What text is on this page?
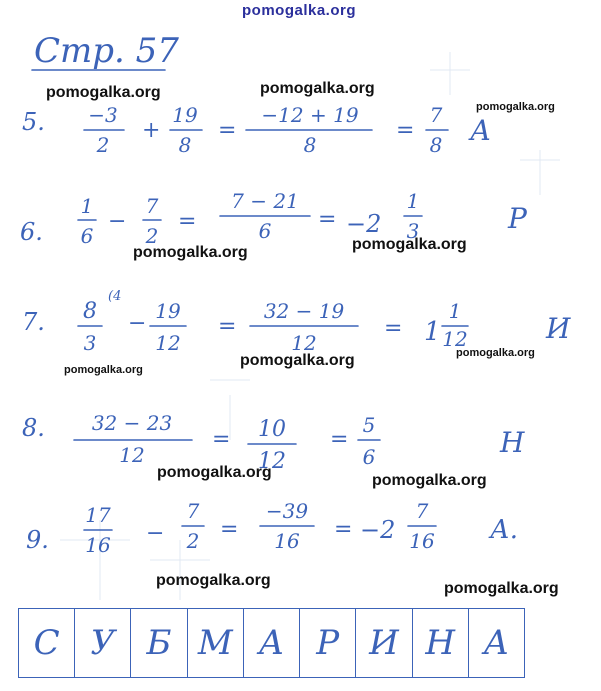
Стр. 57
5. −3
2
+
19
8
=
−12 + 19
8
=
7
8 А
6.
1
6
−
7
2
=
7 − 21
6 = −2
1
3	Р
7. 8
(4
3
− 19
12
=
32 − 19
12
= 1
1
12	И
8. 32 − 23
12
= 10
12
=
5
6	Н
9.
17
16 −
7
2 =
−39
16 = −2
7
16 А.
С У Б М А Р И Н А
pomogalka.org
pomogalka.org	pomogalka.org
pomogalka.org
pomogalka.org	pomogalka.org
pomogalka.org	pomogalka.org
pomogalka.org
pomogalka.org	pomogalka.org
pomogalka.org	pomogalka.org
